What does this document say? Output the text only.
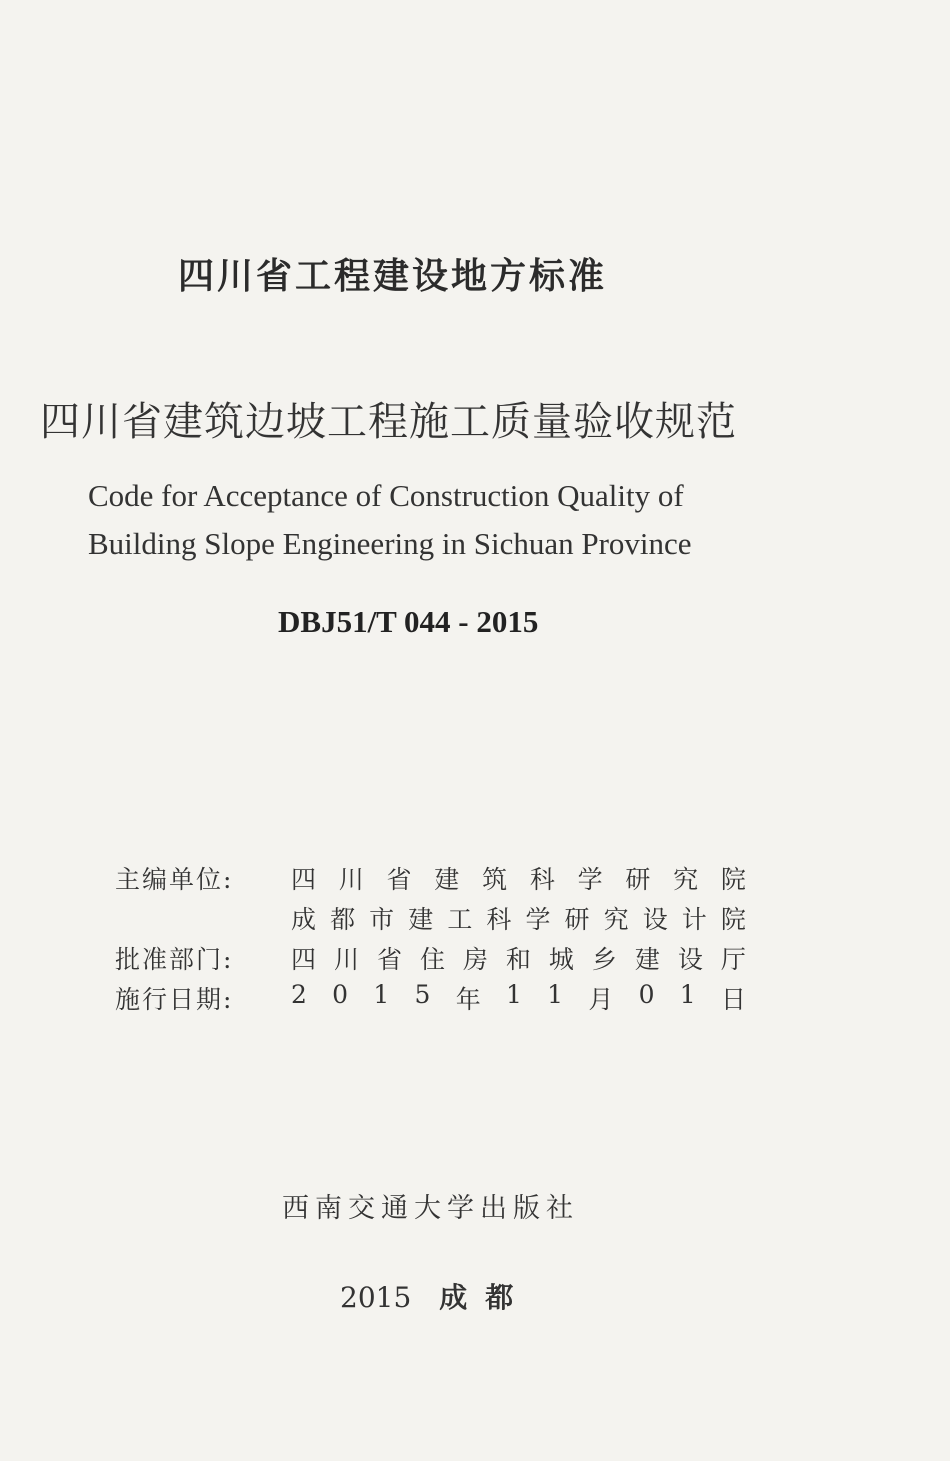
四川省工程建设地方标准
四川省建筑边坡工程施工质量验收规范
Code for Acceptance of Construction Quality of Building Slope Engineering in Sichuan Province
DBJ51/T 044 - 2015
主编单位:	四 川 省 建 筑 科 学 研 究 院
成 都 市 建 工 科 学 研 究 设 计 院
批准部门:	四 川 省 住 房 和 城 乡 建 设 厅
施行日期:	2 0 1 5 年 1 1 月 0 1 日
西南交通大学出版社
2015 成都
